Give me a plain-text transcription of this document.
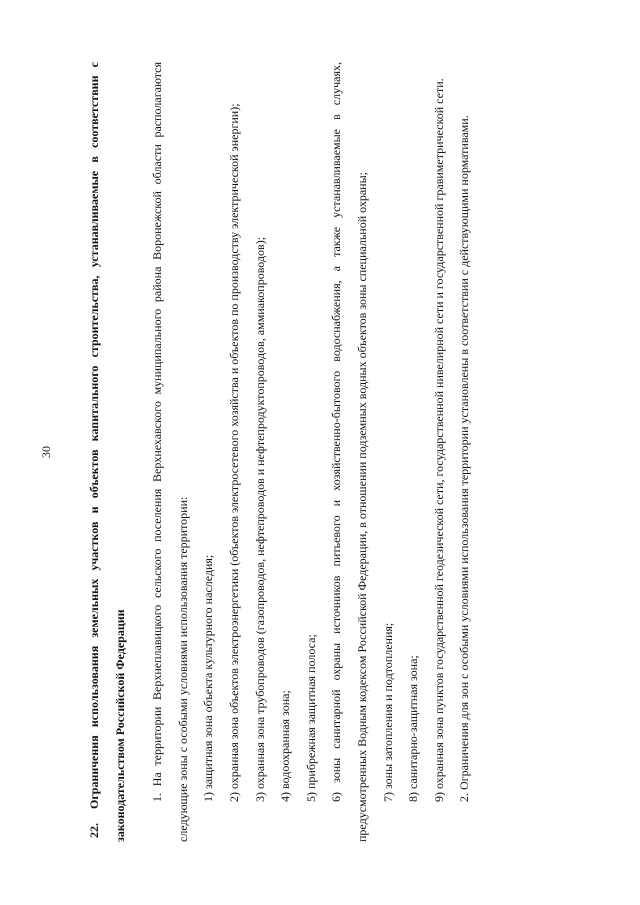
30

22.Ограничения использования земельных участков и объектов капитального строительства, устанавливаемые в соответствии с законодательством Российской Федерации	1. На территории Верхнеплавицкого сельского поселения Верхнехавского муниципального района Воронежской области располагаются следующие зоны с особыми условиями использования территории: 1) защитная зона объекта культурного наследия; 2) охранная зона объектов электроэнергетики (объектов электросетевого хозяйства и объектов по производству электрической энергии); 3) охранная зона трубопроводов (газопроводов, нефтепроводов и нефтепродуктопроводов, аммиакопроводов); 4) водоохранная зона; 5) прибрежная защитная полоса; 6) зоны санитарной охраны источников питьевого и хозяйственно-бытового водоснабжения, а также устанавливаемые в случаях, предусмотренных Водным кодексом Российской Федерации, в отношении подземных водных объектов зоны специальной охраны; 7) зоны затопления и подтопления; 8) санитарно-защитная зона; 9) охранная зона пунктов государственной геодезической сети, государственной нивелирной сети и государственной гравиметрической сети. 2. Ограничения для зон с особыми условиями использования территории установлены в соответствии с действующими нормативами.
